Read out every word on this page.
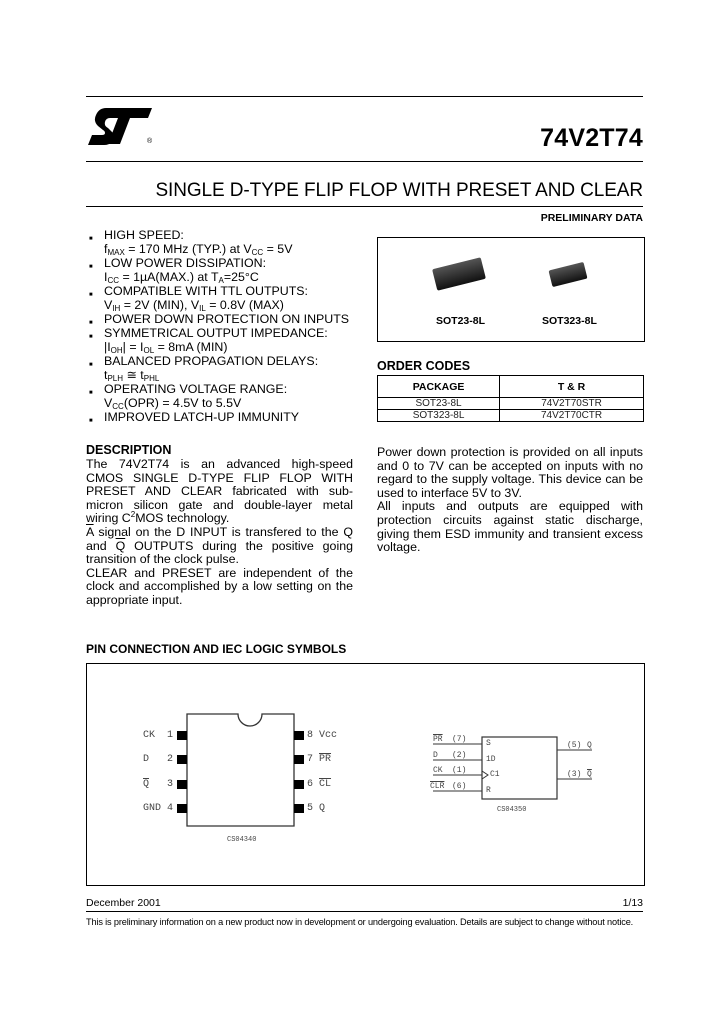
®	74V2T74
SINGLE D-TYPE FLIP FLOP WITH PRESET AND CLEAR
PRELIMINARY DATA
■ HIGH SPEED:
$f_{MAX} = 170$ MHz (TYP.) at $V_{CC} = 5V$
■ LOW POWER DISSIPATION:
$I_{CC} = 1\mu A(MAX.)$ at $T_A=25^\circ C$
■ COMPATIBLE WITH TTL OUTPUTS:
$V_{IH} = 2V$ (MIN), $V_{IL} = 0.8V$ (MAX)
■ POWER DOWN PROTECTION ON INPUTS
■ SYMMETRICAL OUTPUT IMPEDANCE:
$|I_{OH}| = I_{OL} = 8mA$ (MIN)
■ BALANCED PROPAGATION DELAYS:
$t_{PLH}$ ≅ $t_{PHL}$
■ OPERATING VOLTAGE RANGE:
$V_{CC}(OPR) = 4.5V$ to 5.5V
■ IMPROVED LATCH-UP IMMUNITY
SOT23-8L	SOT323-8L
ORDER CODES
PACKAGE	T & R
SOT23-8L	74V2T70STR
SOT323-8L	74V2T70CTR
DESCRIPTION
The 74V2T74 is an advanced high-speed CMOS SINGLE D-TYPE FLIP FLOP WITH PRESET AND CLEAR fabricated with sub-micron silicon gate and double-layer metal wiring $C^2MOS$ technology.
$\overline{A}$ signal on the D INPUT is transfered to the Q and $\overline{Q}$ OUTPUTS during the positive going transition of the clock pulse.
CLEAR and PRESET are independent of the clock and accomplished by a low setting on the appropriate input.
Power down protection is provided on all inputs and 0 to 7V can be accepted on inputs with no regard to the supply voltage. This device can be used to interface 5V to 3V.
All inputs and outputs are equipped with protection circuits against static discharge, giving them ESD immunity and transient excess voltage.
PIN CONNECTION AND IEC LOGIC SYMBOLS
CK 1
D 2
$\overline{Q}$ 3
GND 4
8 Vcc
7 $\overline{PR}$
6 $\overline{CL}$
5 Q
CS04340
$\overline{PR}$ (7)
D (2)
CK (1)
$\overline{CLR}$ (6)
S
1D
C1
R
(5) Q
(3) $\overline{Q}$
CS04350
December 2001	1/13
This is preliminary information on a new product now in development or undergoing evaluation. Details are subject to change without notice.
